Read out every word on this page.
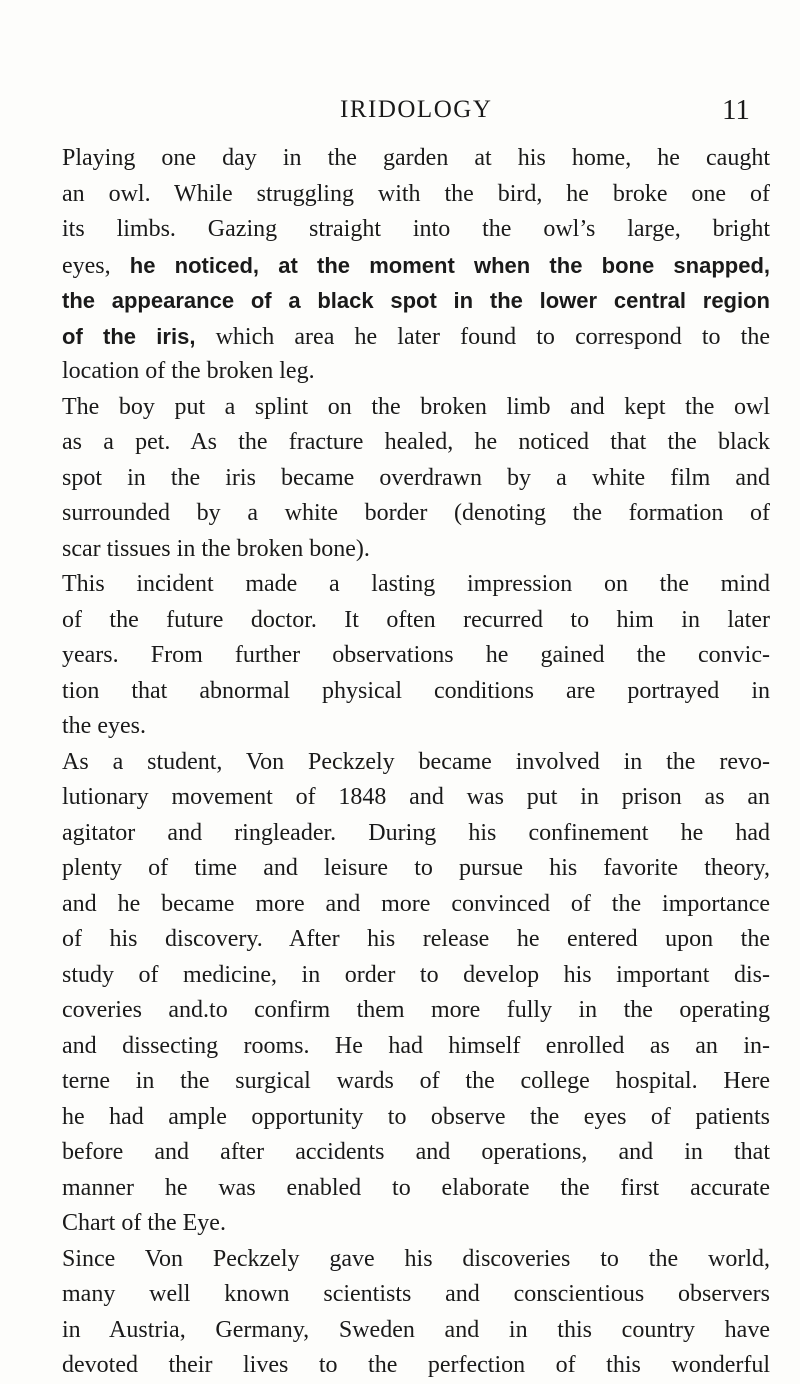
IRIDOLOGY	11
Playing one day in the garden at his home, he caught
an owl. While struggling with the bird, he broke one of
its limbs. Gazing straight into the owl’s large, bright
eyes, he noticed, at the moment when the bone snapped,
the appearance of a black spot in the lower central region
of the iris, which area he later found to correspond to the
location of the broken leg.
The boy put a splint on the broken limb and kept the owl
as a pet. As the fracture healed, he noticed that the black
spot in the iris became overdrawn by a white film and
surrounded by a white border (denoting the formation of
scar tissues in the broken bone).
This incident made a lasting impression on the mind
of the future doctor. It often recurred to him in later
years. From further observations he gained the convic-
tion that abnormal physical conditions are portrayed in
the eyes.
As a student, Von Peckzely became involved in the revo-
lutionary movement of 1848 and was put in prison as an
agitator and ringleader. During his confinement he had
plenty of time and leisure to pursue his favorite theory,
and he became more and more convinced of the importance
of his discovery. After his release he entered upon the
study of medicine, in order to develop his important dis-
coveries and.to confirm them more fully in the operating
and dissecting rooms. He had himself enrolled as an in-
terne in the surgical wards of the college hospital. Here
he had ample opportunity to observe the eyes of patients
before and after accidents and operations, and in that
manner he was enabled to elaborate the first accurate
Chart of the Eye.
Since Von Peckzely gave his discoveries to the world,
many well known scientists and conscientious observers
in Austria, Germany, Sweden and in this country have
devoted their lives to the perfection of this wonderful
